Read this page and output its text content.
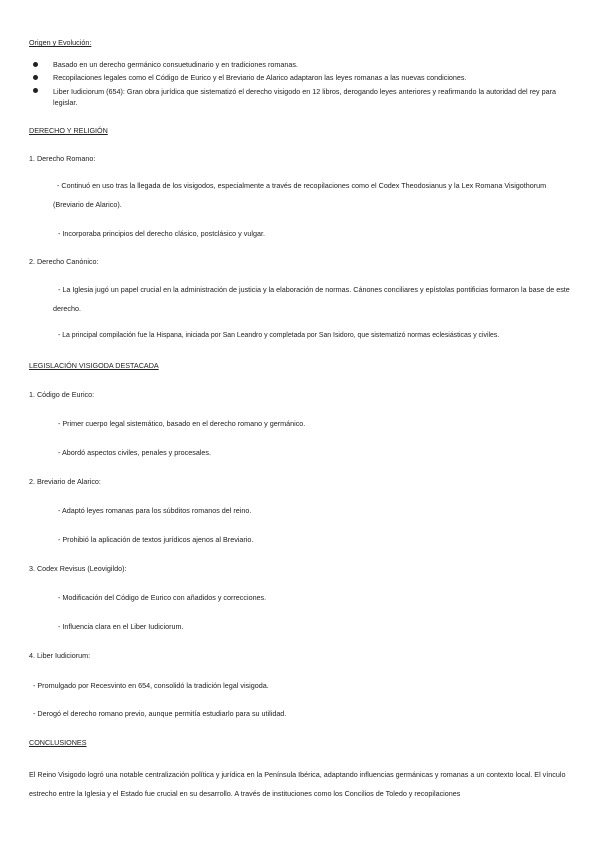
Origen y Evolución:
Basado en un derecho germánico consuetudinario y en tradiciones romanas.
Recopilaciones legales como el Código de Eurico y el Breviario de Alarico adaptaron las leyes romanas a las nuevas condiciones.
Liber Iudiciorum (654): Gran obra jurídica que sistematizó el derecho visigodo en 12 libros, derogando leyes anteriores y reafirmando la autoridad del rey para legislar.
DERECHO Y RELIGIÓN
1. Derecho Romano:
- Continuó en uso tras la llegada de los visigodos, especialmente a través de recopilaciones como el Codex Theodosianus y la Lex Romana Visigothorum (Breviario de Alarico).
- Incorporaba principios del derecho clásico, postclásico y vulgar.
2. Derecho Canónico:
- La Iglesia jugó un papel crucial en la administración de justicia y la elaboración de normas. Cánones conciliares y epístolas pontificias formaron la base de este derecho.
- La principal compilación fue la Hispana, iniciada por San Leandro y completada por San Isidoro, que sistematizó normas eclesiásticas y civiles.
LEGISLACIÓN VISIGODA DESTACADA
1. Código de Eurico:
- Primer cuerpo legal sistemático, basado en el derecho romano y germánico.
- Abordó aspectos civiles, penales y procesales.
2. Breviario de Alarico:
- Adaptó leyes romanas para los súbditos romanos del reino.
- Prohibió la aplicación de textos jurídicos ajenos al Breviario.
3. Codex Revisus (Leovigildo):
- Modificación del Código de Eurico con añadidos y correcciones.
- Influencia clara en el Liber Iudiciorum.
4. Liber Iudiciorum:
- Promulgado por Recesvinto en 654, consolidó la tradición legal visigoda.
- Derogó el derecho romano previo, aunque permitía estudiarlo para su utilidad.
CONCLUSIONES
El Reino Visigodo logró una notable centralización política y jurídica en la Península Ibérica, adaptando influencias germánicas y romanas a un contexto local. El vínculo estrecho entre la Iglesia y el Estado fue crucial en su desarrollo. A través de instituciones como los Concilios de Toledo y recopilaciones
